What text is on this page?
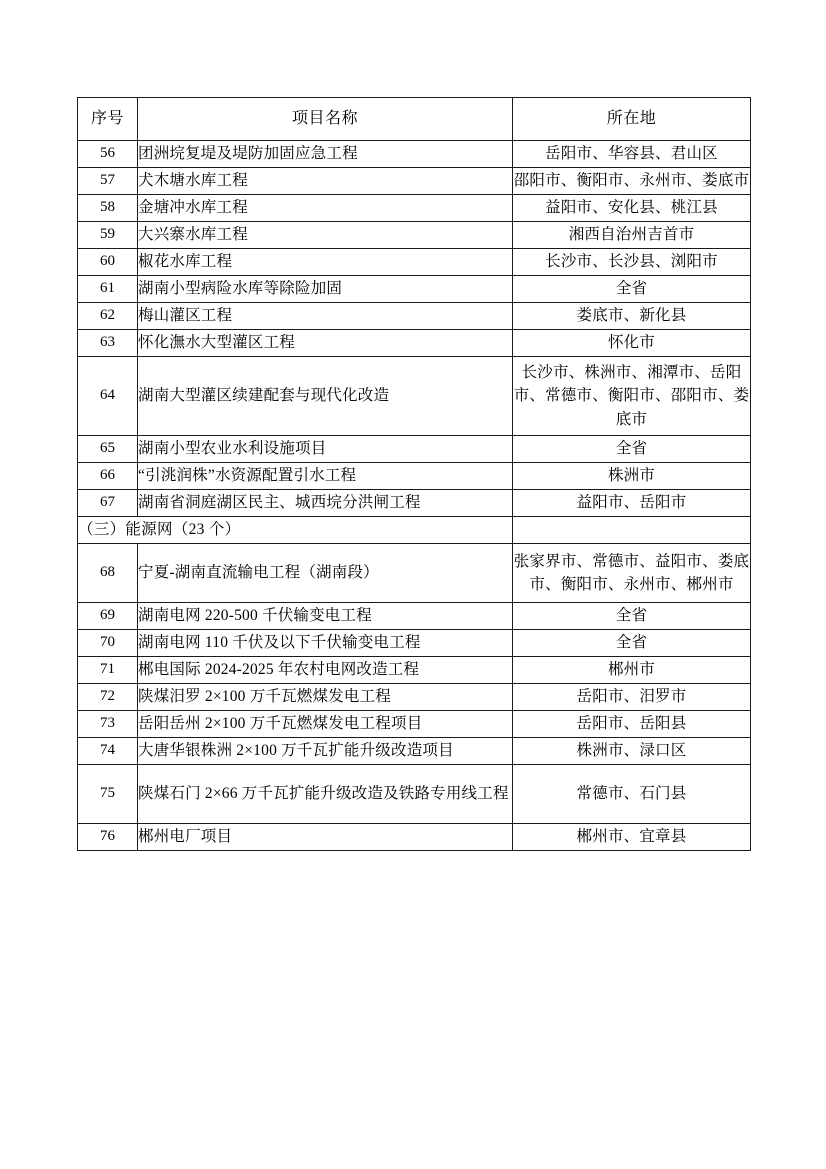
序号	项目名称	所在地
56	团洲垸复堤及堤防加固应急工程	岳阳市、华容县、君山区
57	犬木塘水库工程	邵阳市、衡阳市、永州市、娄底市
58	金塘冲水库工程	益阳市、安化县、桃江县
59	大兴寨水库工程	湘西自治州吉首市
60	椒花水库工程	长沙市、长沙县、浏阳市
61	湖南小型病险水库等除险加固	全省
62	梅山灌区工程	娄底市、新化县
63	怀化潕水大型灌区工程	怀化市
64	湖南大型灌区续建配套与现代化改造	长沙市、株洲市、湘潭市、岳阳市、常德市、衡阳市、邵阳市、娄底市
65	湖南小型农业水利设施项目	全省
66	“引洮润株”水资源配置引水工程	株洲市
67	湖南省洞庭湖区民主、城西垸分洪闸工程	益阳市、岳阳市
（三）能源网（23 个）		
68	宁夏-湖南直流输电工程（湖南段）	张家界市、常德市、益阳市、娄底市、衡阳市、永州市、郴州市
69	湖南电网 220-500 千伏输变电工程	全省
70	湖南电网 110 千伏及以下千伏输变电工程	全省
71	郴电国际 2024-2025 年农村电网改造工程	郴州市
72	陕煤汨罗 2×100 万千瓦燃煤发电工程	岳阳市、汨罗市
73	岳阳岳州 2×100 万千瓦燃煤发电工程项目	岳阳市、岳阳县
74	大唐华银株洲 2×100 万千瓦扩能升级改造项目	株洲市、渌口区
75	陕煤石门 2×66 万千瓦扩能升级改造及铁路专用线工程	常德市、石门县
76	郴州电厂项目	郴州市、宜章县
